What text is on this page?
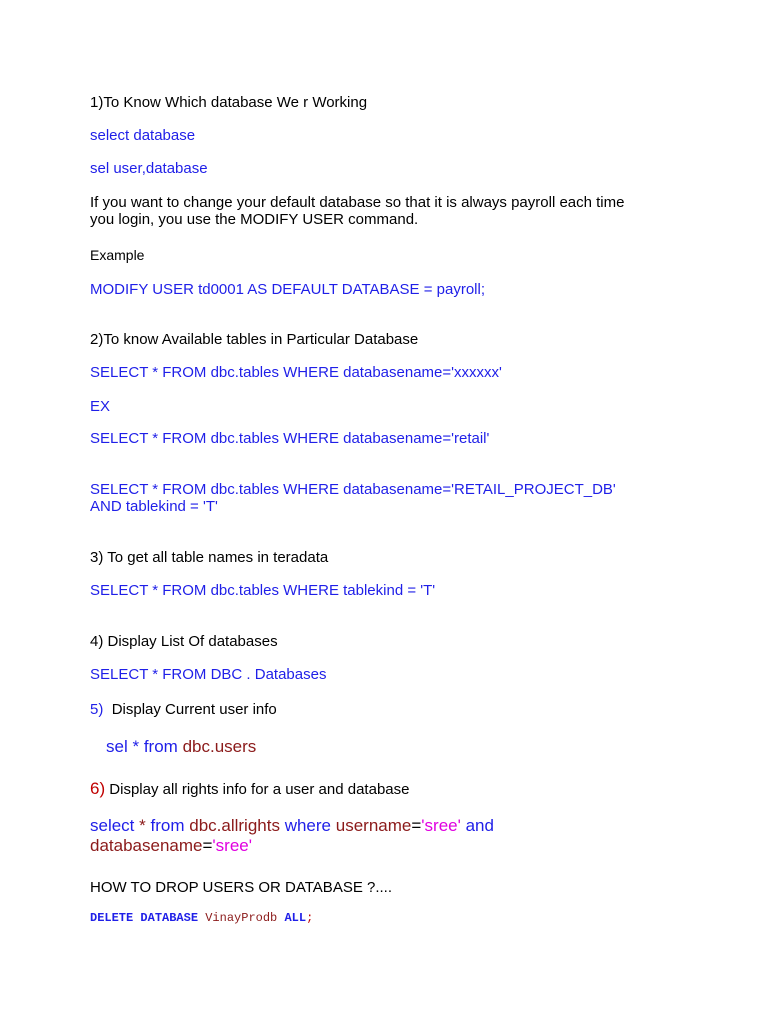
1)To Know Which database We r Working
select database
sel user,database
If you want to change your default database so that it is always payroll each time
you login, you use the MODIFY USER command.
Example
MODIFY USER td0001 AS DEFAULT DATABASE = payroll;
2)To know Available tables in Particular Database
SELECT * FROM dbc.tables WHERE databasename='xxxxxx'
EX
SELECT * FROM dbc.tables WHERE databasename='retail'
SELECT * FROM dbc.tables WHERE databasename='RETAIL_PROJECT_DB'
AND tablekind = 'T'
3) To get all table names in teradata
SELECT * FROM dbc.tables WHERE tablekind = 'T'
4) Display List Of databases
SELECT * FROM DBC . Databases
5) Display Current user info
sel * from dbc.users
6) Display all rights info for a user and database
select * from dbc.allrights where username='sree' and
databasename='sree'
HOW TO DROP USERS OR DATABASE ?....
DELETE DATABASE VinayProdb ALL;
